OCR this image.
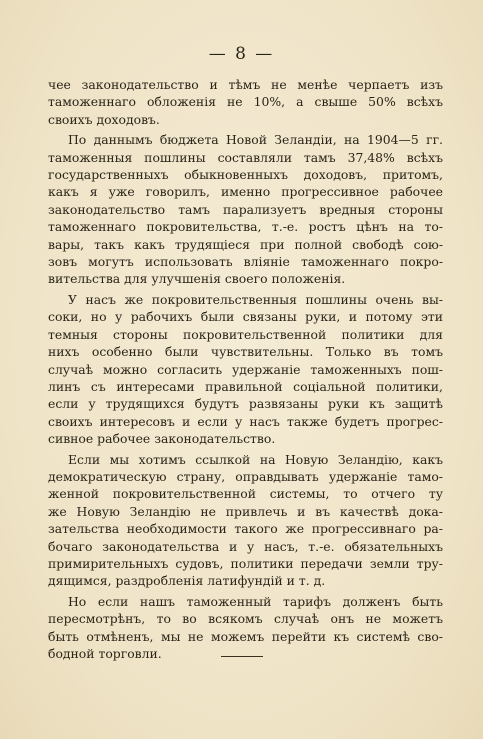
— 8 —
чее законодательство и тѣмъ не менѣе черпаетъ изъ
таможеннаго обложенія не 10%, а свыше 50% всѣхъ
своихъ доходовъ.
По даннымъ бюджета Новой Зеландіи, на 1904—5 гг.
таможенныя пошлины составляли тамъ 37,48% всѣхъ
государственныхъ обыкновенныхъ доходовъ, притомъ,
какъ я уже говорилъ, именно прогрессивное рабочее
законодательство тамъ парализуетъ вредныя стороны
таможеннаго покровительства, т.-е. ростъ цѣнъ на то-
вары, такъ какъ трудящіеся при полной свободѣ сою-
зовъ могутъ использовать вліяніе таможеннаго покро-
вительства для улучшенія своего положенія.
У насъ же покровительственныя пошлины очень вы-
соки, но у рабочихъ были связаны руки, и потому эти
темныя стороны покровительственной политики для
нихъ особенно были чувствительны. Только въ томъ
случаѣ можно согласить удержаніе таможенныхъ пош-
линъ съ интересами правильной соціальной политики,
если у трудящихся будутъ развязаны руки къ защитѣ
своихъ интересовъ и если у насъ также будетъ прогрес-
сивное рабочее законодательство.
Если мы хотимъ ссылкой на Новую Зеландію, какъ
демократическую страну, оправдывать удержаніе тамо-
женной покровительственной системы, то отчего ту
же Новую Зеландію не привлечь и въ качествѣ дока-
зательства необходимости такого же прогрессивнаго ра-
бочаго законодательства и у насъ, т.-е. обязательныхъ
примирительныхъ судовъ, политики передачи земли тру-
дящимся, раздробленія латифундій и т. д.
Но если нашъ таможенный тарифъ долженъ быть
пересмотрѣнъ, то во всякомъ случаѣ онъ не можетъ
быть отмѣненъ, мы не можемъ перейти къ системѣ сво-
бодной торговли.
